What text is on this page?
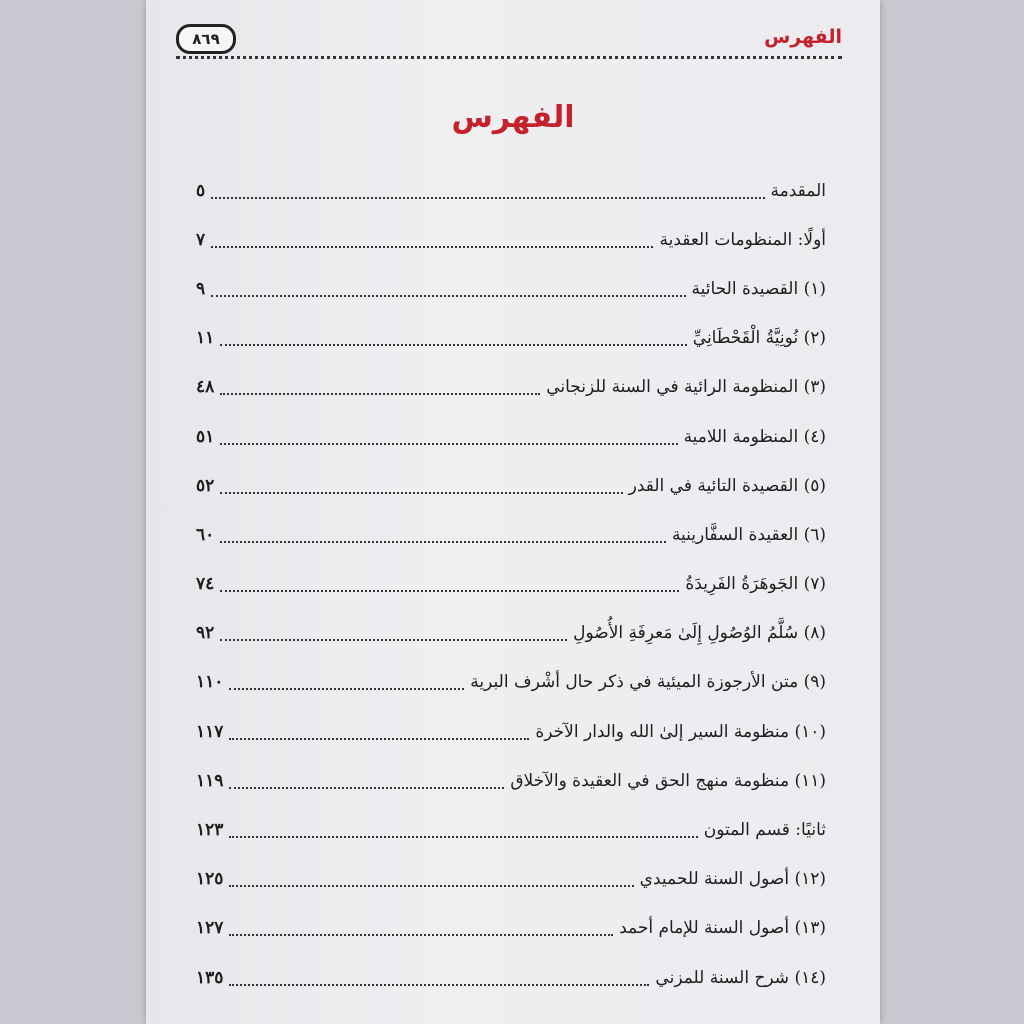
الفهرس
٨٦٩
الفهرس
المقدمة
٥
أولًا: المنظومات العقدية
٧
(١) القصيدة الحائية
٩
(٢) نُونِيَّةُ الْقَحْطَانِيِّ
١١
(٣) المنظومة الرائية في السنة للزنجاني
٤٨
(٤) المنظومة اللامية
٥١
(٥) القصيدة التائية في القدر
٥٢
(٦) العقيدة السفَّارينية
٦٠
(٧) الجَوهَرَةُ الفَرِيدَةُ
٧٤
(٨) سُلَّمُ الوُصُولِ إِلَىٰ مَعرِفَةِ الأُصُولِ
٩٢
(٩) متن الأرجوزة الميئية في ذكر حال أشْرف البرية
١١٠
(١٠) منظومة السير إلىٰ الله والدار الآخرة
١١٧
(١١) منظومة منهج الحق في العقيدة والآخلاق
١١٩
ثانيًا: قسم المتون
١٢٣
(١٢) أصول السنة للحميدي
١٢٥
(١٣) أصول السنة للإمام أحمد
١٢٧
(١٤) شرح السنة للمزني
١٣٥
